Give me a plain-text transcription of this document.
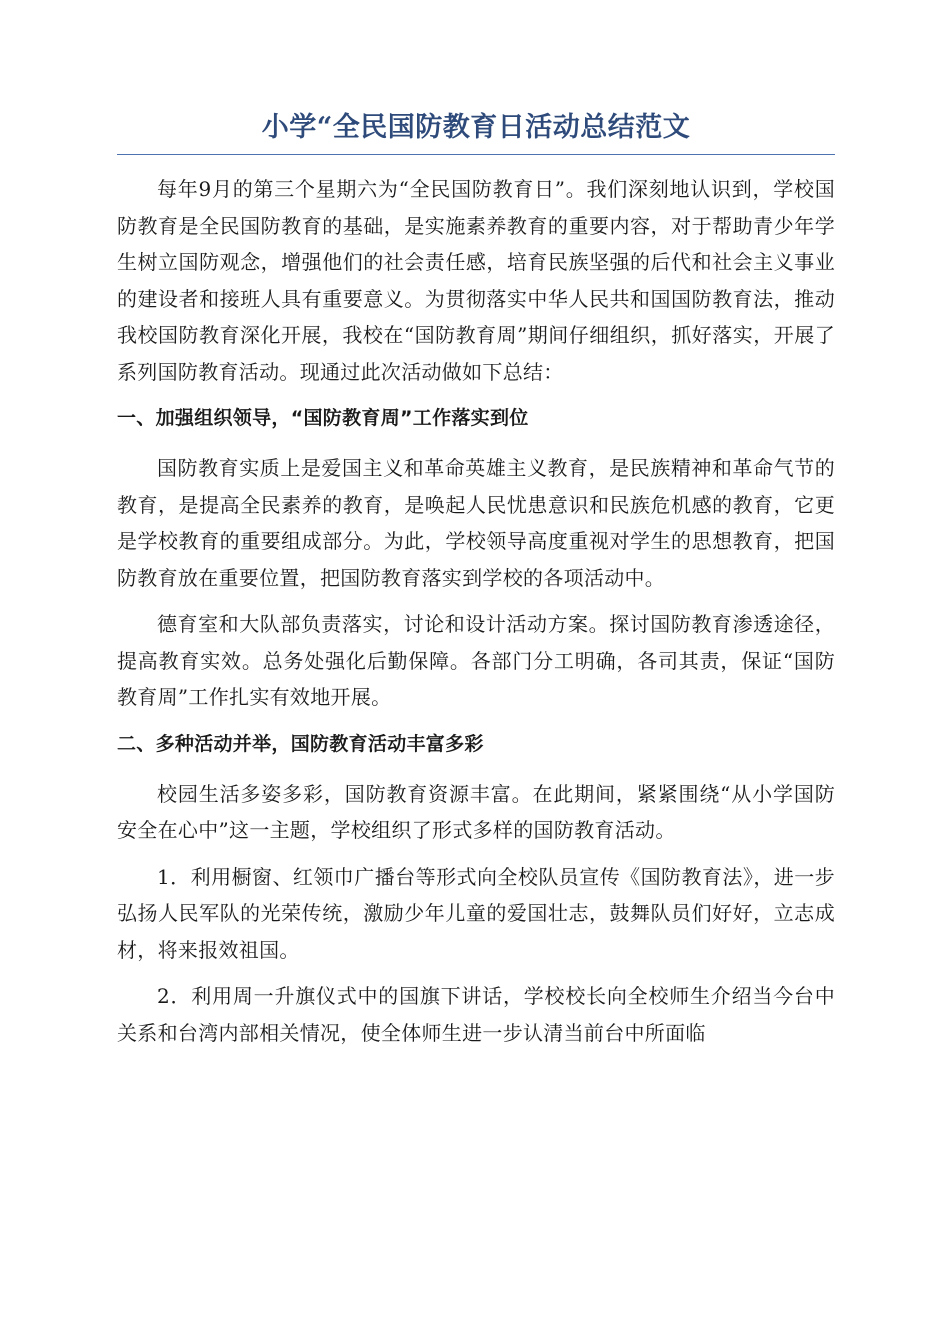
小学“全民国防教育日活动总结范文

每年9月的第三个星期六为“全民国防教育日”。我们深刻地认识到，学校国防教育是全民国防教育的基础，是实施素养教育的重要内容，对于帮助青少年学生树立国防观念，增强他们的社会责任感，培育民族坚强的后代和社会主义事业的建设者和接班人具有重要意义。为贯彻落实中华人民共和国国防教育法，推动我校国防教育深化开展，我校在“国防教育周”期间仔细组织，抓好落实，开展了系列国防教育活动。现通过此次活动做如下总结：

一、加强组织领导，“国防教育周”工作落实到位

国防教育实质上是爱国主义和革命英雄主义教育，是民族精神和革命气节的教育，是提高全民素养的教育，是唤起人民忧患意识和民族危机感的教育，它更是学校教育的重要组成部分。为此，学校领导高度重视对学生的思想教育，把国防教育放在重要位置，把国防教育落实到学校的各项活动中。

德育室和大队部负责落实，讨论和设计活动方案。探讨国防教育渗透途径，提高教育实效。总务处强化后勤保障。各部门分工明确，各司其责，保证“国防教育周”工作扎实有效地开展。

二、多种活动并举，国防教育活动丰富多彩

校园生活多姿多彩，国防教育资源丰富。在此期间，紧紧围绕“从小学国防安全在心中”这一主题，学校组织了形式多样的国防教育活动。

1．利用橱窗、红领巾广播台等形式向全校队员宣传《国防教育法》，进一步弘扬人民军队的光荣传统，激励少年儿童的爱国壮志，鼓舞队员们好好，立志成材，将来报效祖国。

2．利用周一升旗仪式中的国旗下讲话，学校校长向全校师生介绍当今台中关系和台湾内部相关情况，使全体师生进一步认清当前台中所面临
